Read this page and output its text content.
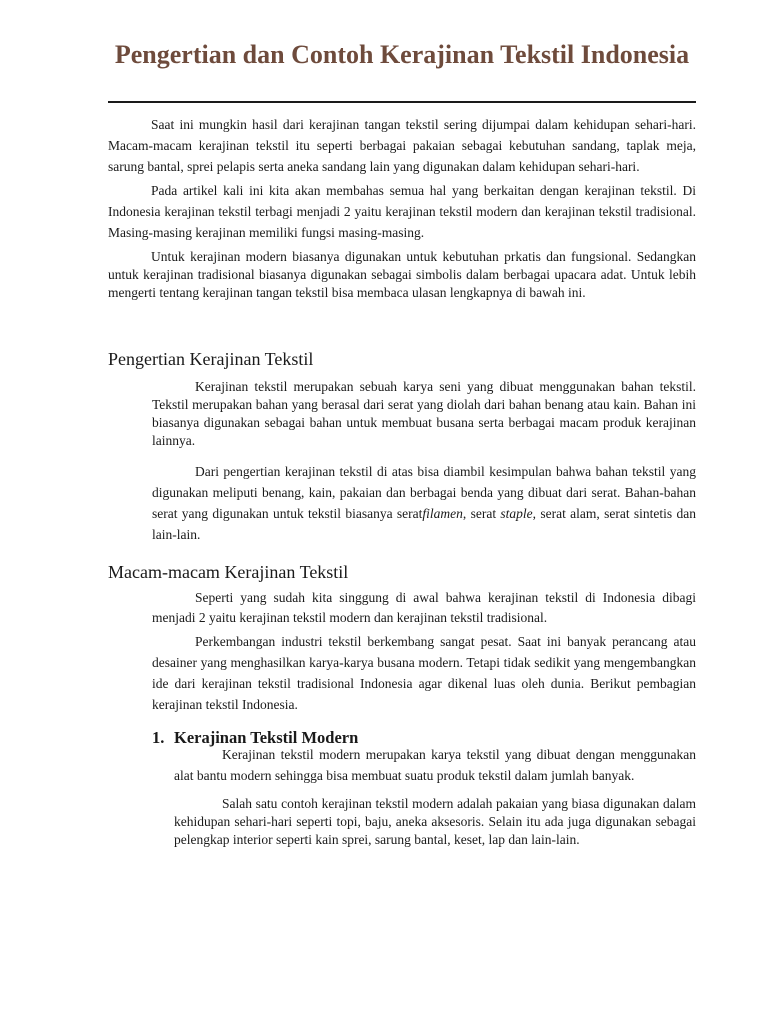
Pengertian dan Contoh Kerajinan Tekstil Indonesia

Saat ini mungkin hasil dari kerajinan tangan tekstil sering dijumpai dalam kehidupan sehari-hari. Macam-macam kerajinan tekstil itu seperti berbagai pakaian sebagai kebutuhan sandang, taplak meja, sarung bantal, sprei pelapis serta aneka sandang lain yang digunakan dalam kehidupan sehari-hari.

Pada artikel kali ini kita akan membahas semua hal yang berkaitan dengan kerajinan tekstil. Di Indonesia kerajinan tekstil terbagi menjadi 2 yaitu kerajinan tekstil modern dan kerajinan tekstil tradisional. Masing-masing kerajinan memiliki fungsi masing-masing.

Untuk kerajinan modern biasanya digunakan untuk kebutuhan prkatis dan fungsional. Sedangkan untuk kerajinan tradisional biasanya digunakan sebagai simbolis dalam berbagai upacara adat. Untuk lebih mengerti tentang kerajinan tangan tekstil bisa membaca ulasan lengkapnya di bawah ini.

Pengertian Kerajinan Tekstil

Kerajinan tekstil merupakan sebuah karya seni yang dibuat menggunakan bahan tekstil. Tekstil merupakan bahan yang berasal dari serat yang diolah dari bahan benang atau kain. Bahan ini biasanya digunakan sebagai bahan untuk membuat busana serta berbagai macam produk kerajinan lainnya.

Dari pengertian kerajinan tekstil di atas bisa diambil kesimpulan bahwa bahan tekstil yang digunakan meliputi benang, kain, pakaian dan berbagai benda yang dibuat dari serat. Bahan-bahan serat yang digunakan untuk tekstil biasanya seratfilamen, serat staple, serat alam, serat sintetis dan lain-lain.

Macam-macam Kerajinan Tekstil

Seperti yang sudah kita singgung di awal bahwa kerajinan tekstil di Indonesia dibagi menjadi 2 yaitu kerajinan tekstil modern dan kerajinan tekstil tradisional.

Perkembangan industri tekstil berkembang sangat pesat. Saat ini banyak perancang atau desainer yang menghasilkan karya-karya busana modern. Tetapi tidak sedikit yang mengembangkan ide dari kerajinan tekstil tradisional Indonesia agar dikenal luas oleh dunia. Berikut pembagian kerajinan tekstil Indonesia.

1. Kerajinan Tekstil Modern

Kerajinan tekstil modern merupakan karya tekstil yang dibuat dengan menggunakan alat bantu modern sehingga bisa membuat suatu produk tekstil dalam jumlah banyak.

Salah satu contoh kerajinan tekstil modern adalah pakaian yang biasa digunakan dalam kehidupan sehari-hari seperti topi, baju, aneka aksesoris. Selain itu ada juga digunakan sebagai pelengkap interior seperti kain sprei, sarung bantal, keset, lap dan lain-lain.
